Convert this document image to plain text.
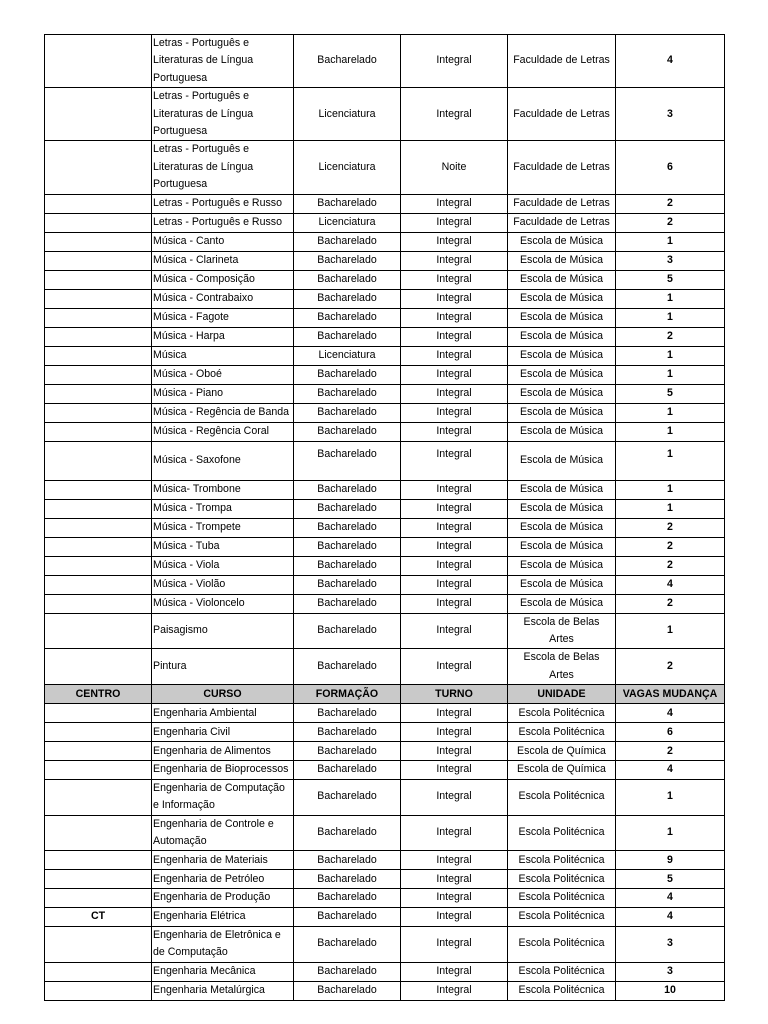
	Letras - Português e Literaturas de Língua Portuguesa	Bacharelado	Integral	Faculdade de Letras	4
	Letras - Português e Literaturas de Língua Portuguesa	Licenciatura	Integral	Faculdade de Letras	3
	Letras - Português e Literaturas de Língua Portuguesa	Licenciatura	Noite	Faculdade de Letras	6
	Letras - Português e Russo	Bacharelado	Integral	Faculdade de Letras	2
	Letras - Português e Russo	Licenciatura	Integral	Faculdade de Letras	2
	Música - Canto	Bacharelado	Integral	Escola de Música	1
	Música - Clarineta	Bacharelado	Integral	Escola de Música	3
	Música - Composição	Bacharelado	Integral	Escola de Música	5
	Música - Contrabaixo	Bacharelado	Integral	Escola de Música	1
	Música - Fagote	Bacharelado	Integral	Escola de Música	1
	Música - Harpa	Bacharelado	Integral	Escola de Música	2
	Música	Licenciatura	Integral	Escola de Música	1
	Música - Oboé	Bacharelado	Integral	Escola de Música	1
	Música - Piano	Bacharelado	Integral	Escola de Música	5
	Música - Regência de Banda	Bacharelado	Integral	Escola de Música	1
	Música - Regência Coral	Bacharelado	Integral	Escola de Música	1
	Música - Saxofone	Bacharelado	Integral	Escola de Música	1
	Música- Trombone	Bacharelado	Integral	Escola de Música	1
	Música - Trompa	Bacharelado	Integral	Escola de Música	1
	Música - Trompete	Bacharelado	Integral	Escola de Música	2
	Música - Tuba	Bacharelado	Integral	Escola de Música	2
	Música - Viola	Bacharelado	Integral	Escola de Música	2
	Música - Violão	Bacharelado	Integral	Escola de Música	4
	Música - Violoncelo	Bacharelado	Integral	Escola de Música	2
	Paisagismo	Bacharelado	Integral	Escola de Belas Artes	1
	Pintura	Bacharelado	Integral	Escola de Belas Artes	2
CENTRO	CURSO	FORMAÇÃO	TURNO	UNIDADE	VAGAS MUDANÇA
	Engenharia Ambiental	Bacharelado	Integral	Escola Politécnica	4
	Engenharia Civil	Bacharelado	Integral	Escola Politécnica	6
	Engenharia de Alimentos	Bacharelado	Integral	Escola de Química	2
	Engenharia de Bioprocessos	Bacharelado	Integral	Escola de Química	4
	Engenharia de Computação e Informação	Bacharelado	Integral	Escola Politécnica	1
	Engenharia de Controle e Automação	Bacharelado	Integral	Escola Politécnica	1
	Engenharia de Materiais	Bacharelado	Integral	Escola Politécnica	9
	Engenharia de Petróleo	Bacharelado	Integral	Escola Politécnica	5
	Engenharia de Produção	Bacharelado	Integral	Escola Politécnica	4
CT	Engenharia Elétrica	Bacharelado	Integral	Escola Politécnica	4
	Engenharia de Eletrônica e de Computação	Bacharelado	Integral	Escola Politécnica	3
	Engenharia Mecânica	Bacharelado	Integral	Escola Politécnica	3
	Engenharia Metalúrgica	Bacharelado	Integral	Escola Politécnica	10
